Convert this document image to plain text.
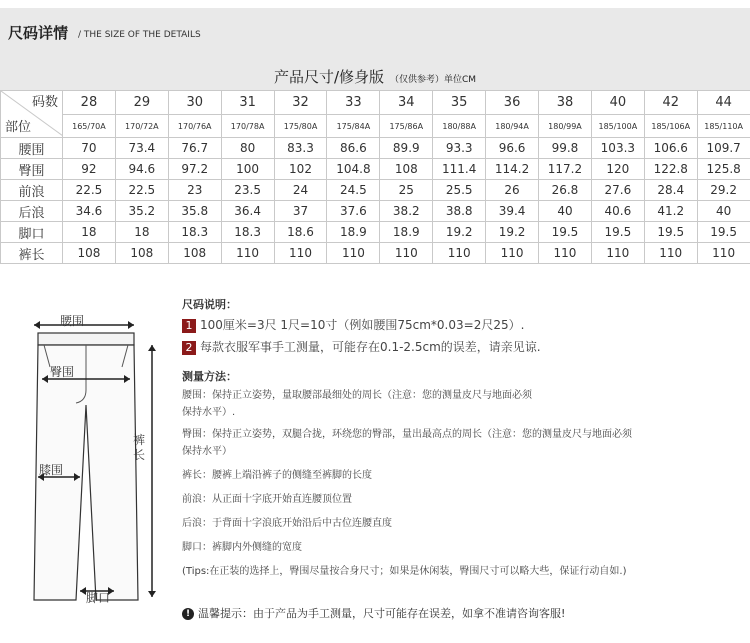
尺码详情 / THE SIZE OF THE DETAILS
产品尺寸/修身版 （仅供参考）单位CM
码数
部位	28	29	30	31	32	33	34	35	36	38	40	42	44
	165/70A	170/72A	170/76A	170/78A	175/80A	175/84A	175/86A	180/88A	180/94A	180/99A	185/100A	185/106A	185/110A
腰围	70	73.4	76.7	80	83.3	86.6	89.9	93.3	96.6	99.8	103.3	106.6	109.7
臀围	92	94.6	97.2	100	102	104.8	108	111.4	114.2	117.2	120	122.8	125.8
前浪	22.5	22.5	23	23.5	24	24.5	25	25.5	26	26.8	27.6	28.4	29.2
后浪	34.6	35.2	35.8	36.4	37	37.6	38.2	38.8	39.4	40	40.6	41.2	40
脚口	18	18	18.3	18.3	18.6	18.9	18.9	19.2	19.2	19.5	19.5	19.5	19.5
裤长	108	108	108	110	110	110	110	110	110	110	110	110	110
腰围
臀围
膝围
裤长
脚口
尺码说明：
1 100厘米=3尺 1尺=10寸（例如腰围75cm*0.03=2尺25）.
2 每款衣服军事手工测量，可能存在0.1-2.5cm的误差，请亲见谅.
测量方法：
腰围：保持正立姿势，量取腰部最细处的周长（注意：您的测量皮尺与地面必须
保持水平）.
臀围：保持正立姿势，双腿合拢，环绕您的臀部，量出最高点的周长（注意：您的测量皮尺与地面必须
保持水平）
裤长：腰裤上端沿裤子的侧缝至裤脚的长度
前浪：从正面十字底开始直连腰顶位置
后浪：于背面十字浪底开始沿后中古位连腰直度
脚口：裤脚内外侧缝的宽度
(Tips:在正装的选择上，臀围尽量按合身尺寸；如果是休闲装，臀围尺寸可以略大些，保证行动自如.)
! 温馨提示：由于产品为手工测量，尺寸可能存在误差，如拿不准请咨询客服!
